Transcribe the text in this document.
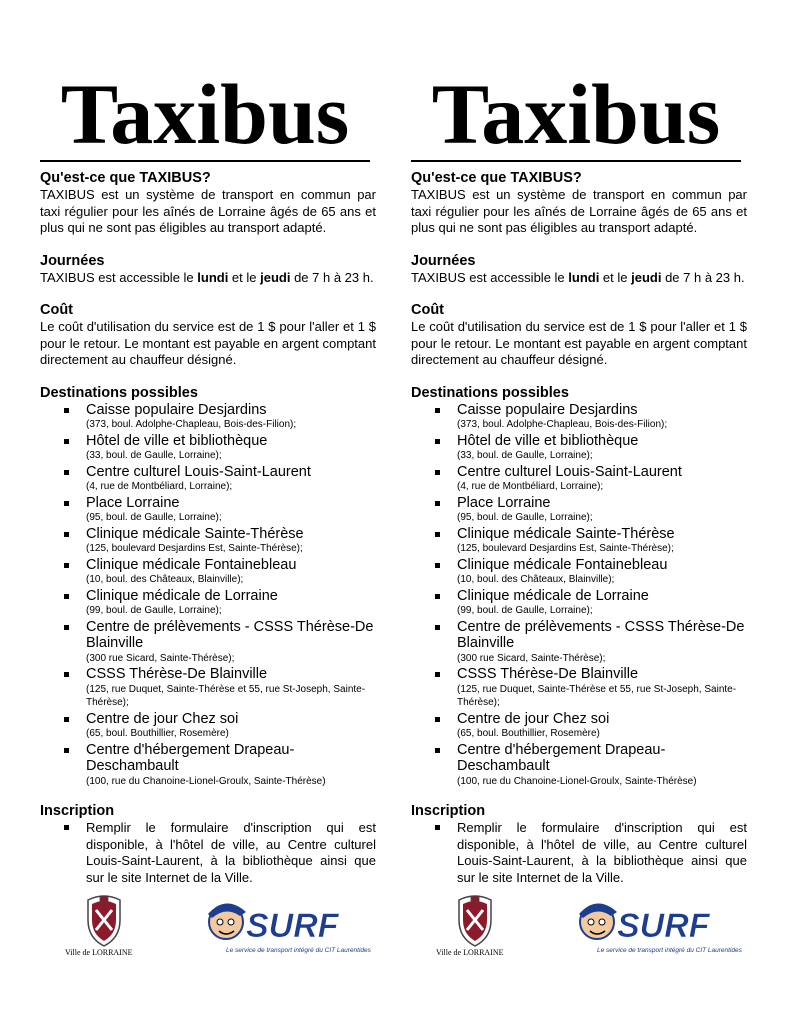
Taxibus
Qu'est-ce que TAXIBUS?

TAXIBUS est un système de transport en commun par taxi régulier pour les aînés de Lorraine âgés de 65 ans et plus qui ne sont pas éligibles au transport adapté.

Journées

TAXIBUS est accessible le lundi et le jeudi de 7 h à 23 h.

Coût

Le coût d'utilisation du service est de 1 $ pour l'aller et 1 $ pour le retour. Le montant est payable en argent comptant directement au chauffeur désigné.

Destinations possibles
Caisse populaire Desjardins
(373, boul. Adolphe-Chapleau, Bois-des-Filion);
Hôtel de ville et bibliothèque
(33, boul. de Gaulle, Lorraine);
Centre culturel Louis-Saint-Laurent
(4, rue de Montbéliard, Lorraine);
Place Lorraine
(95, boul. de Gaulle, Lorraine);
Clinique médicale Sainte-Thérèse
(125, boulevard Desjardins Est, Sainte-Thérèse);
Clinique médicale Fontainebleau
(10, boul. des Châteaux, Blainville);
Clinique médicale de Lorraine
(99, boul. de Gaulle, Lorraine);
Centre de prélèvements - CSSS Thérèse-De Blainville
(300 rue Sicard, Sainte-Thérèse);
CSSS Thérèse-De Blainville
(125, rue Duquet, Sainte-Thérèse et 55, rue St-Joseph, Sainte-Thérèse);
Centre de jour Chez soi
(65, boul. Bouthillier, Rosemère)
Centre d'hébergement Drapeau-Deschambault
(100, rue du Chanoine-Lionel-Groulx, Sainte-Thérèse)
Inscription
Remplir le formulaire d'inscription qui est disponible, à l'hôtel de ville, au Centre culturel Louis-Saint-Laurent, à la bibliothèque ainsi que sur le site Internet de la Ville.
Ville de LORRAINE
SURF
Le service de transport intégré du CIT Laurentides
Taxibus
Qu'est-ce que TAXIBUS?

TAXIBUS est un système de transport en commun par taxi régulier pour les aînés de Lorraine âgés de 65 ans et plus qui ne sont pas éligibles au transport adapté.

Journées

TAXIBUS est accessible le lundi et le jeudi de 7 h à 23 h.

Coût

Le coût d'utilisation du service est de 1 $ pour l'aller et 1 $ pour le retour. Le montant est payable en argent comptant directement au chauffeur désigné.

Destinations possibles
Caisse populaire Desjardins
(373, boul. Adolphe-Chapleau, Bois-des-Filion);
Hôtel de ville et bibliothèque
(33, boul. de Gaulle, Lorraine);
Centre culturel Louis-Saint-Laurent
(4, rue de Montbéliard, Lorraine);
Place Lorraine
(95, boul. de Gaulle, Lorraine);
Clinique médicale Sainte-Thérèse
(125, boulevard Desjardins Est, Sainte-Thérèse);
Clinique médicale Fontainebleau
(10, boul. des Châteaux, Blainville);
Clinique médicale de Lorraine
(99, boul. de Gaulle, Lorraine);
Centre de prélèvements - CSSS Thérèse-De Blainville
(300 rue Sicard, Sainte-Thérèse);
CSSS Thérèse-De Blainville
(125, rue Duquet, Sainte-Thérèse et 55, rue St-Joseph, Sainte-Thérèse);
Centre de jour Chez soi
(65, boul. Bouthillier, Rosemère)
Centre d'hébergement Drapeau-Deschambault
(100, rue du Chanoine-Lionel-Groulx, Sainte-Thérèse)
Inscription
Remplir le formulaire d'inscription qui est disponible, à l'hôtel de ville, au Centre culturel Louis-Saint-Laurent, à la bibliothèque ainsi que sur le site Internet de la Ville.
Ville de LORRAINE
SURF
Le service de transport intégré du CIT Laurentides
